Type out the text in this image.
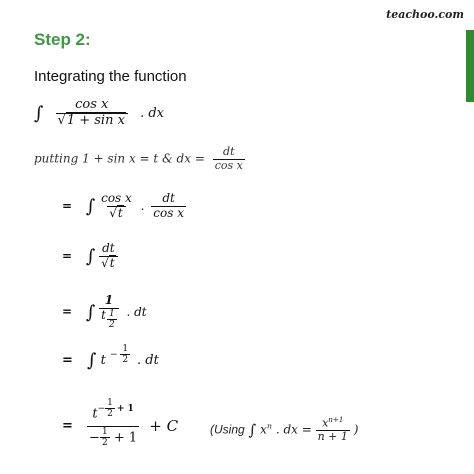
teachoo.com
Step 2:
Integrating the function
∫ $\frac{\text{cos x}}{\text{√1 + sin x}}$ . dx
putting 1 + sin x = t & dx = $\frac{dt}{\text{cos x}}$
= ∫ $\frac{\text{cos x}}{√t}$ . $\frac{dt}{\text{cos x}}$
= ∫ $\frac{dt}{√t}$
= ∫ $\frac{1}{t \frac{1}{2}}$ . dt
= ∫ t $^{- \frac{1}{2}}$ . dt
= $t^{- \frac{1}{2} + 1}$
− $\frac{1}{2} + 1 + C$	(Using ∫ $x^n$ . dx = $\frac{x^{n+1}}{n + 1}$ )
